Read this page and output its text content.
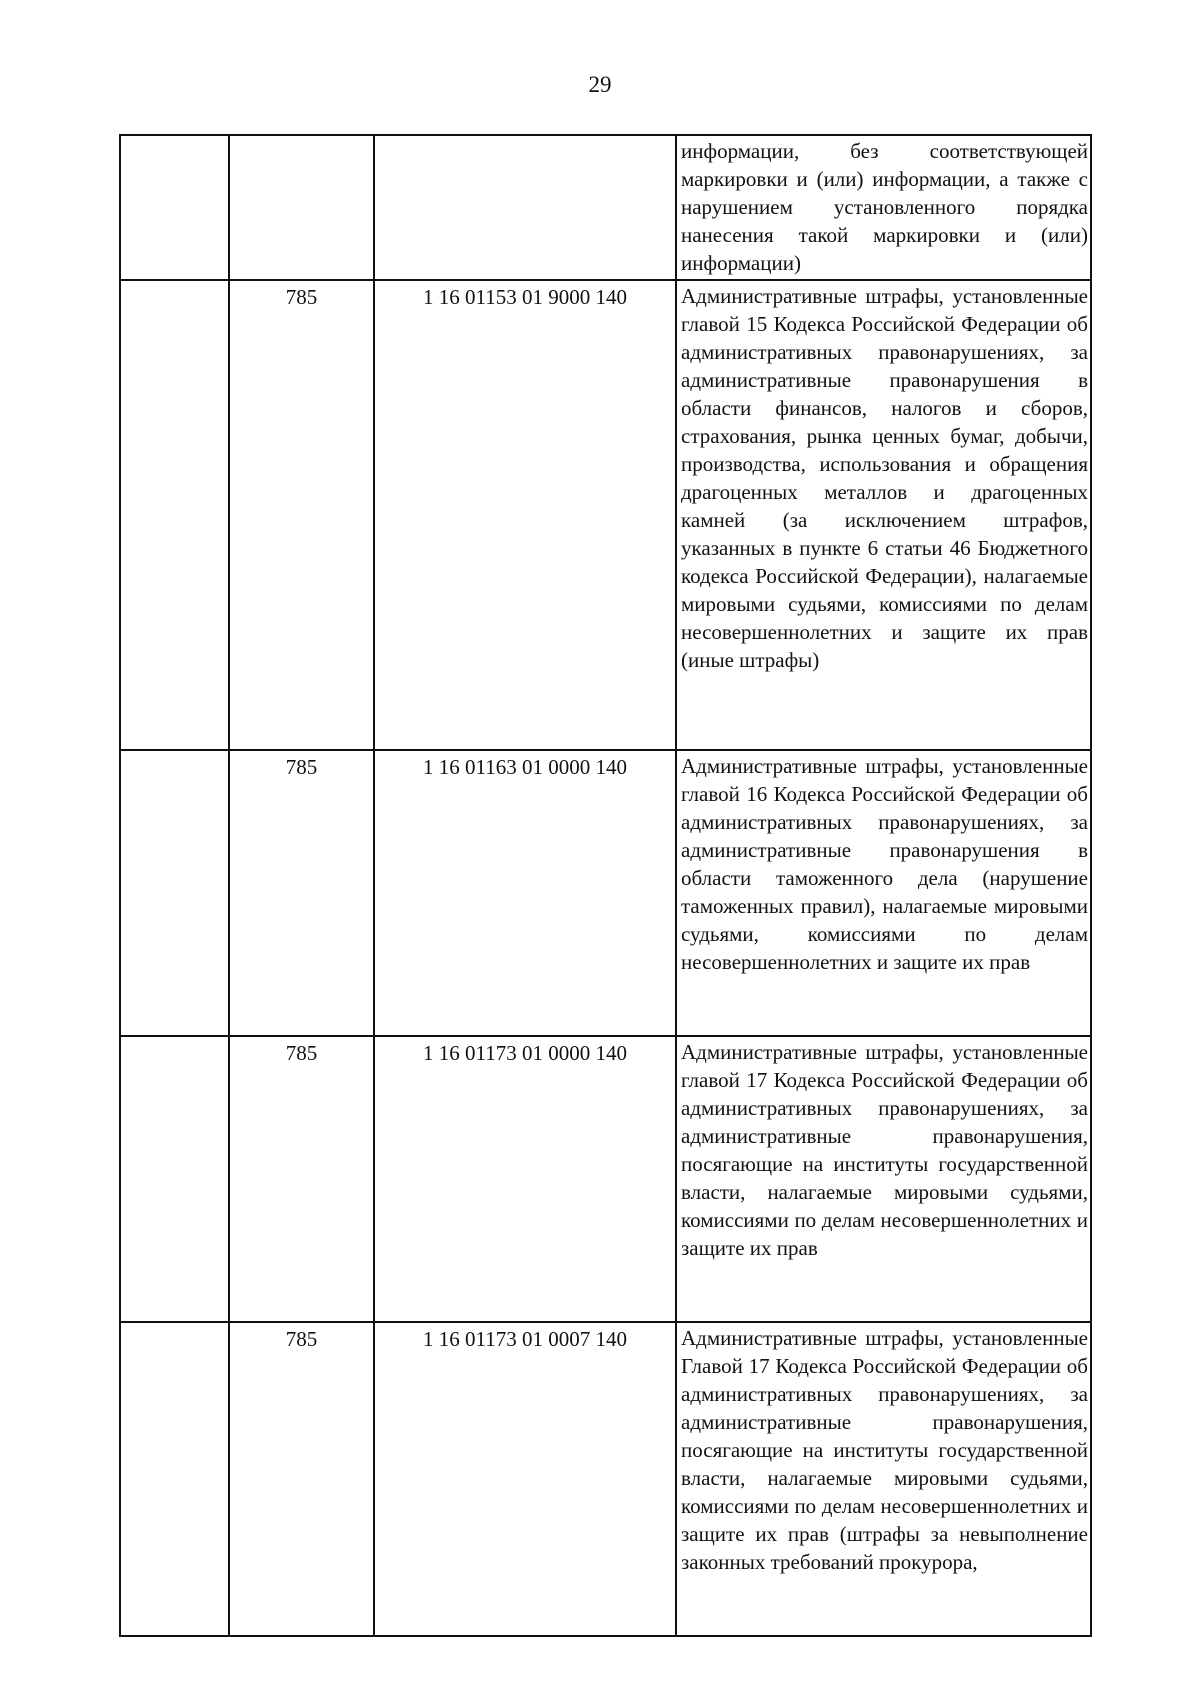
29

			информации, без соответствующей маркировки и (или) информации, а также с нарушением установленного порядка нанесения такой маркировки и (или) информации)

	785	1 16 01153 01 9000 140	Административные штрафы, установленные главой 15 Кодекса Российской Федерации об административных правонарушениях, за административные правонарушения в области финансов, налогов и сборов, страхования, рынка ценных бумаг, добычи, производства, использования и обращения драгоценных металлов и драгоценных камней (за исключением штрафов, указанных в пункте 6 статьи 46 Бюджетного кодекса Российской Федерации), налагаемые мировыми судьями, комиссиями по делам несовершеннолетних и защите их прав (иные штрафы)

	785	1 16 01163 01 0000 140	Административные штрафы, установленные главой 16 Кодекса Российской Федерации об административных правонарушениях, за административные правонарушения в области таможенного дела (нарушение таможенных правил), налагаемые мировыми судьями, комиссиями по делам несовершеннолетних и защите их прав

	785	1 16 01173 01 0000 140	Административные штрафы, установленные главой 17 Кодекса Российской Федерации об административных правонарушениях, за административные правонарушения, посягающие на институты государственной власти, налагаемые мировыми судьями, комиссиями по делам несовершеннолетних и защите их прав

	785	1 16 01173 01 0007 140	Административные штрафы, установленные Главой 17 Кодекса Российской Федерации об административных правонарушениях, за административные правонарушения, посягающие на институты государственной власти, налагаемые мировыми судьями, комиссиями по делам несовершеннолетних и защите их прав (штрафы за невыполнение законных требований прокурора,
